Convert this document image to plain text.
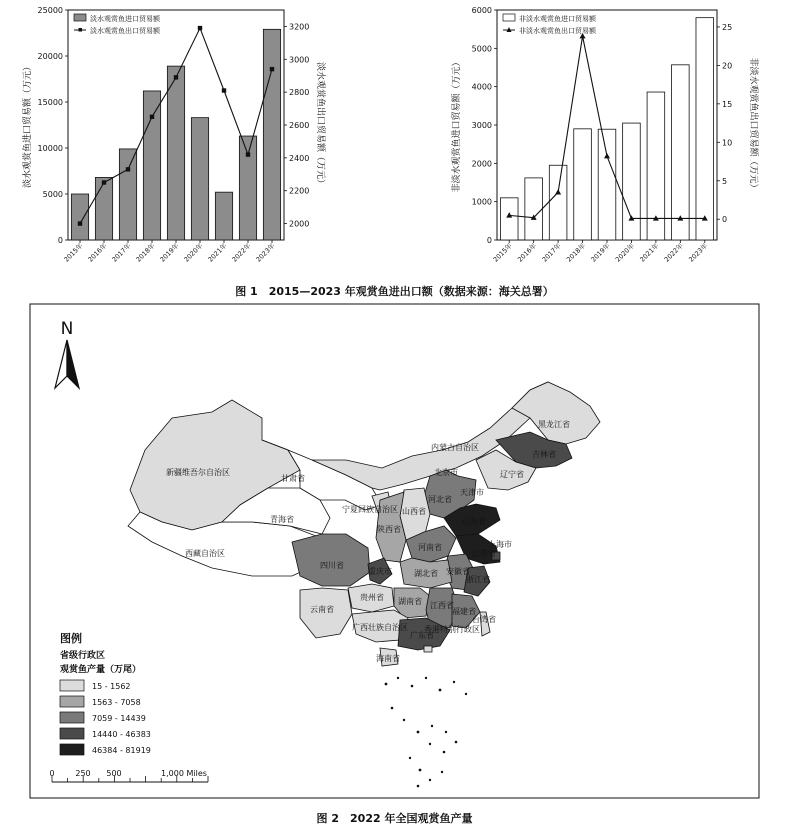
0
5000
10000
15000
20000
25000
2000
2200
2400
2600
2800
3000
3200
2015年 2016年 2017年 2018年 2019年 2020年 2021年 2022年 2023年
淡水观赏鱼进口贸易额（万元）	淡水观赏鱼出口贸易额（万元）
淡水观赏鱼进口贸易额
淡水观赏鱼出口贸易额
0
1000
2000
3000
4000
5000
6000
0
5
10
15
20
25
2015年 2016年 2017年 2018年 2019年 2020年 2021年 2022年 2023年
非淡水观赏鱼进口贸易额（万元）	非淡水观赏鱼出口贸易额（万元）
非淡水观赏鱼进口贸易额
非淡水观赏鱼出口贸易额
图 1　2015—2023 年观赏鱼进出口额（数据来源：海关总署）
N
新疆维吾尔自治区
西藏自治区
青海省
甘肃省
内蒙古自治区
黑龙江省
吉林省
辽宁省
北京市
天津市
河北省
山西省
宁夏回族自治区
陕西省
河南省
山东省
江苏省
安徽省
湖北省
四川省
重庆市
贵州省
云南省
湖南省 江西省
浙江省
福建省
广西壮族自治区
广东省
海南省
台湾省
香港特别行政区
上海市
图例
省级行政区
观赏鱼产量（万尾）
15 - 1562
1563 - 7058
7059 - 14439
14440 - 46383
46384 - 81919
0	250 500	1,000 Miles
图 2　2022 年全国观赏鱼产量
